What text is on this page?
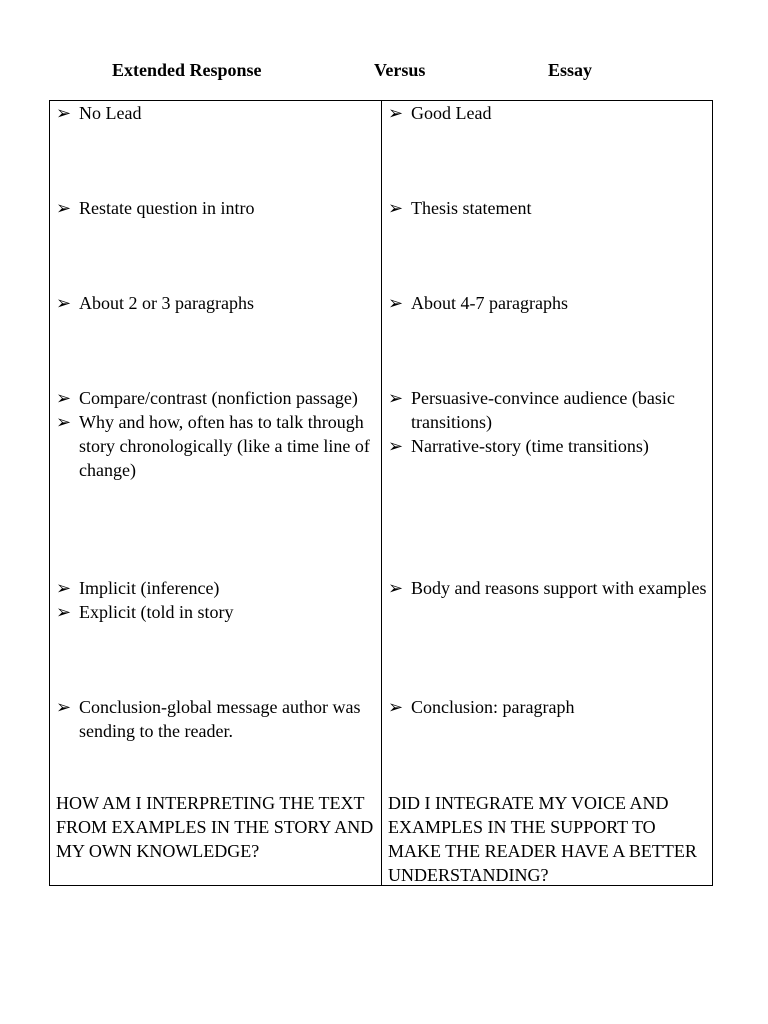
Extended Response	Versus	Essay
➢ No Lead
➢ Restate question in intro
➢ About 2 or 3 paragraphs
➢ Compare/contrast (nonfiction passage)
➢ Why and how, often has to talk through story chronologically (like a time line of change)
➢ Implicit (inference)
➢ Explicit (told in story
➢ Conclusion-global message author was sending to the reader.
HOW AM I INTERPRETING THE TEXT FROM EXAMPLES IN THE STORY AND MY OWN KNOWLEDGE?
➢ Good Lead
➢ Thesis statement
➢ About 4-7 paragraphs
➢ Persuasive-convince audience (basic transitions)
➢ Narrative-story (time transitions)
➢ Body and reasons support with examples
➢ Conclusion: paragraph
DID I INTEGRATE MY VOICE AND EXAMPLES IN THE SUPPORT TO MAKE THE READER HAVE A BETTER UNDERSTANDING?
